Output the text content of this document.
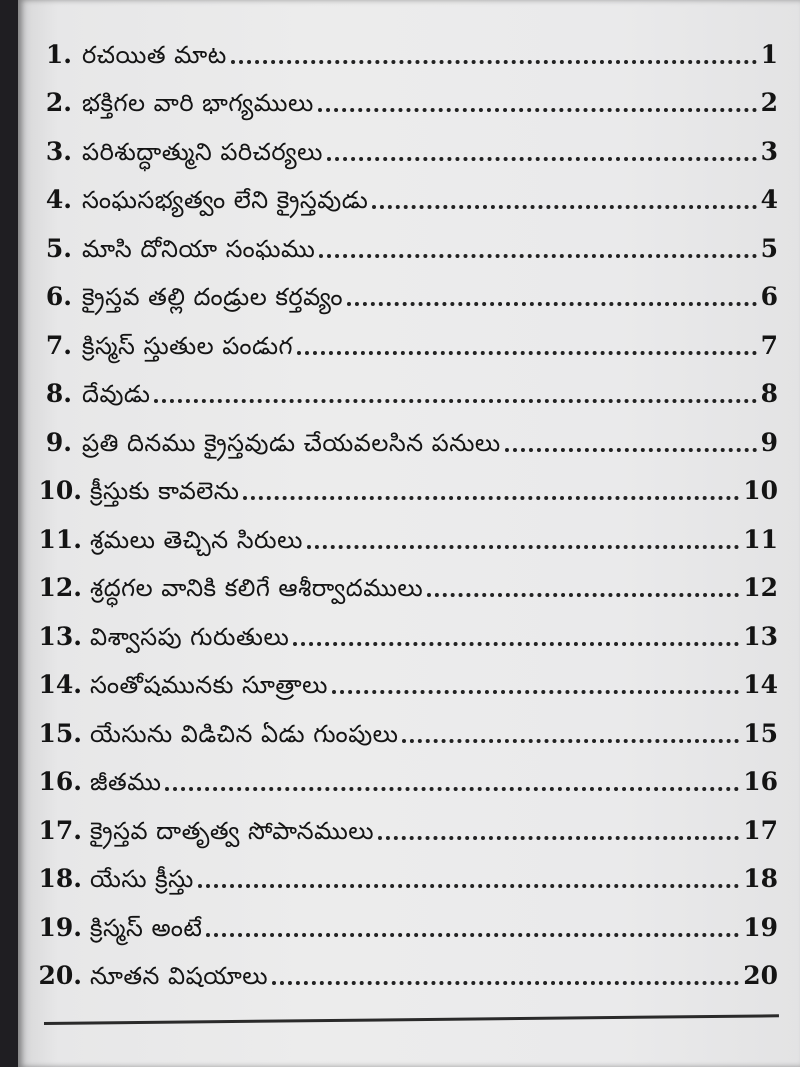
1. రచయిత మాట	1
2. భక్తిగల వారి భాగ్యములు	2
3. పరిశుద్ధాత్ముని పరిచర్యలు	3
4. సంఘసభ్యత్వం లేని క్రైస్తవుడు	4
5. మాసి దోనియా సంఘము	5
6. క్రైస్తవ తల్లి దండ్రుల కర్తవ్యం	6
7. క్రిస్మస్ స్తుతుల పండుగ	7
8. దేవుడు	8
9. ప్రతి దినము క్రైస్తవుడు చేయవలసిన పనులు	9
10. క్రీస్తుకు కావలెను	10
11. శ్రమలు తెచ్చిన సిరులు	11
12. శ్రద్ధగల వానికి కలిగే ఆశీర్వాదములు	12
13. విశ్వాసపు గురుతులు	13
14. సంతోషమునకు సూత్రాలు	14
15. యేసును విడిచిన ఏడు గుంపులు	15
16. జీతము	16
17. క్రైస్తవ దాతృత్వ సోపానములు	17
18. యేసు క్రీస్తు	18
19. క్రిస్మస్ అంటే	19
20. నూతన విషయాలు	20
